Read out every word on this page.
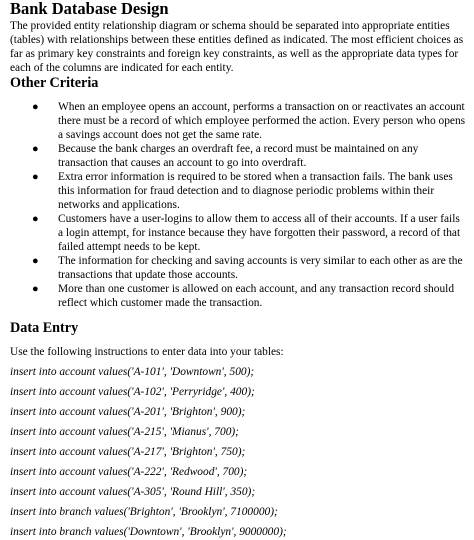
Bank Database Design

The provided entity relationship diagram or schema should be separated into appropriate entities (tables) with relationships between these entities defined as indicated. The most efficient choices as far as primary key constraints and foreign key constraints, as well as the appropriate data types for each of the columns are indicated for each entity.

Other Criteria
● When an employee opens an account, performs a transaction on or reactivates an account there must be a record of which employee performed the action. Every person who opens a savings account does not get the same rate.
● Because the bank charges an overdraft fee, a record must be maintained on any transaction that causes an account to go into overdraft.
● Extra error information is required to be stored when a transaction fails. The bank uses this information for fraud detection and to diagnose periodic problems within their networks and applications.
● Customers have a user-logins to allow them to access all of their accounts. If a user fails a login attempt, for instance because they have forgotten their password, a record of that failed attempt needs to be kept.
● The information for checking and saving accounts is very similar to each other as are the transactions that update those accounts.
● More than one customer is allowed on each account, and any transaction record should reflect which customer made the transaction.
Data Entry

Use the following instructions to enter data into your tables:

insert into account values('A-101', 'Downtown', 500);
insert into account values('A-102', 'Perryridge', 400);
insert into account values('A-201', 'Brighton', 900);
insert into account values('A-215', 'Mianus', 700);
insert into account values('A-217', 'Brighton', 750);
insert into account values('A-222', 'Redwood', 700);
insert into account values('A-305', 'Round Hill', 350);
insert into branch values('Brighton', 'Brooklyn', 7100000);
insert into branch values('Downtown', 'Brooklyn', 9000000);
